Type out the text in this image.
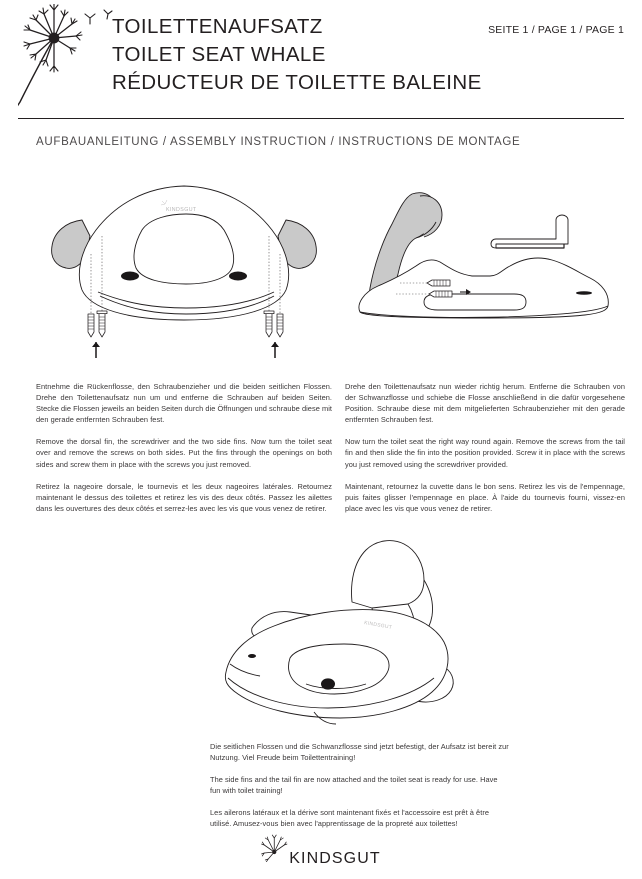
TOILETTENAUFSATZ
TOILET SEAT WHALE
RÉDUCTEUR DE TOILETTE BALEINE
SEITE 1 / PAGE 1 / PAGE 1
AUFBAUANLEITUNG / ASSEMBLY INSTRUCTION / INSTRUCTIONS DE MONTAGE
KINDSGUT

Entnehme die Rückenflosse, den Schraubenzieher und die beiden seitlichen Flossen. Drehe den Toilettenaufsatz nun um und entferne die Schrauben auf beiden Seiten. Stecke die Flossen jeweils an beiden Seiten durch die Öffnungen und schraube diese mit den gerade entfernten Schrauben fest.

Remove the dorsal fin, the screwdriver and the two side fins. Now turn the toilet seat over and remove the screws on both sides. Put the fins through the openings on both sides and screw them in place with the screws you just removed.

Retirez la nageoire dorsale, le tournevis et les deux nageoires latérales. Retournez maintenant le dessus des toilettes et retirez les vis des deux côtés. Passez les ailettes dans les ouvertures des deux côtés et serrez-les avec les vis que vous venez de retirer.

Drehe den Toilettenaufsatz nun wieder richtig herum. Entferne die Schrauben von der Schwanzflosse und schiebe die Flosse anschließend in die dafür vorgesehene Position. Schraube diese mit dem mitgelieferten Schraubenzieher mit den gerade entfernten Schrauben fest.

Now turn the toilet seat the right way round again. Remove the screws from the tail fin and then slide the fin into the position provided. Screw it in place with the screws you just removed using the screwdriver provided.

Maintenant, retournez la cuvette dans le bon sens. Retirez les vis de l'empennage, puis faites glisser l'empennage en place. À l'aide du tournevis fourni, vissez-en place avec les vis que vous venez de retirer.

KINDSGUT

Die seitlichen Flossen und die Schwanzflosse sind jetzt befestigt, der Aufsatz ist bereit zur Nutzung. Viel Freude beim Toilettentraining!

The side fins and the tail fin are now attached and the toilet seat is ready for use. Have fun with toilet training!

Les ailerons latéraux et la dérive sont maintenant fixés et l'accessoire est prêt à être utilisé. Amusez-vous bien avec l'apprentissage de la propreté aux toilettes!

KINDSGUT
